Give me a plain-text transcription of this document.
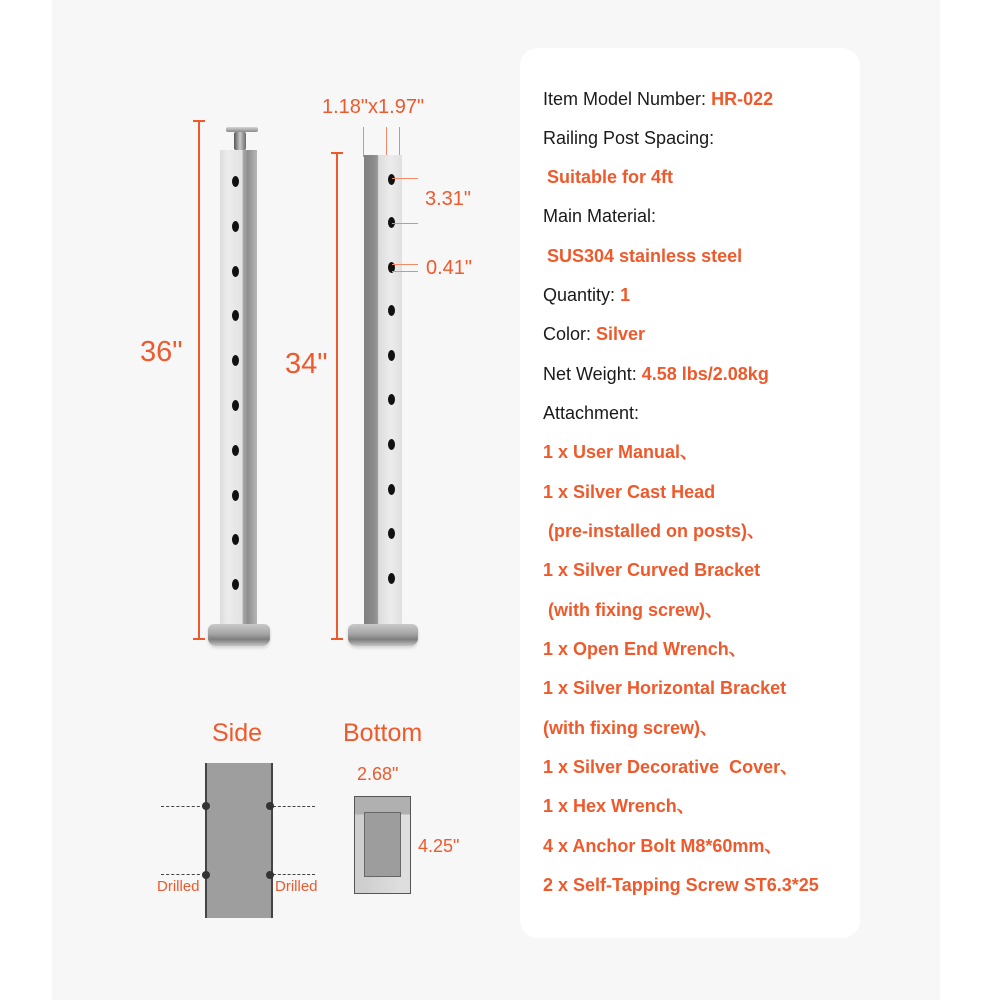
36"	34"
1.18"x1.97"
3.31"
0.41"
Side
Drilled	Drilled
Bottom
2.68"
4.25"
Item Model Number: HR-022
Railing Post Spacing:
Suitable for 4ft
Main Material:
SUS304 stainless steel
Quantity: 1
Color: Silver
Net Weight: 4.58 lbs/2.08kg
Attachment:
1 x User Manual、
1 x Silver Cast Head
(pre-installed on posts)、
1 x Silver Curved Bracket
(with fixing screw)、
1 x Open End Wrench、
1 x Silver Horizontal Bracket
(with fixing screw)、
1 x Silver Decorative  Cover、
1 x Hex Wrench、
4 x Anchor Bolt M8*60mm、
2 x Self-Tapping Screw ST6.3*25
